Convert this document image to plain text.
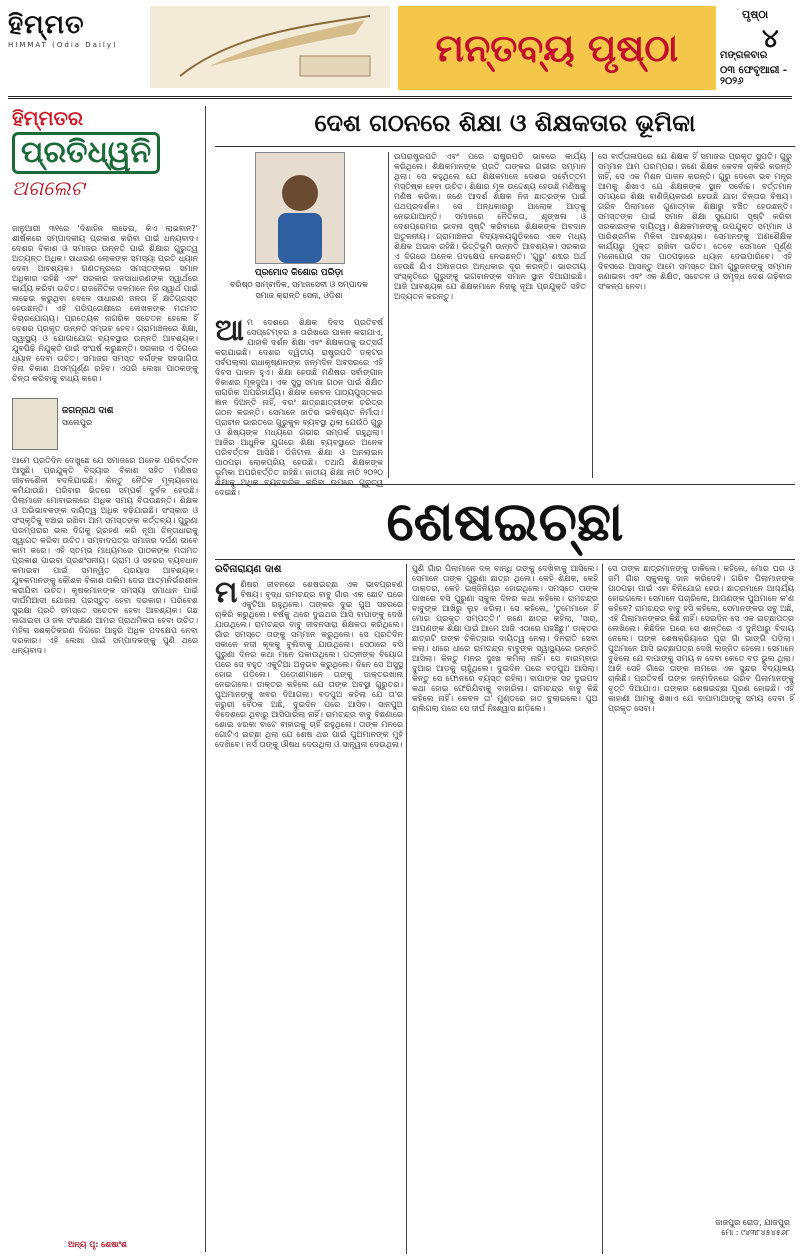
ହିମ୍ମତ
HIMMAT (Odia Daily)	ମନ୍ତବ୍ୟ ପୃଷ୍ଠା	ମଙ୍ଗଳବାର
୦୩ ଫେବୃଆରୀ - ୨୦୨୬
ପୃଷ୍ଠା
୪
ହିମ୍ମତର
ପ୍ରତିଧ୍ୱନି
ଅଗଲେଟ
ଜାନୁଆରୀ ୩୧ରେ 'ଦିଶାହିନ ଲଢେଇ, କିଏ ଲାଭବାନ?' ଶୀର୍ଷକରେ ସମ୍ପାଦକୀୟ ପ୍ରକାଶ କରିବା ପାଇଁ ଧନ୍ୟବାଦ। ଦେଶର ବିକାଶ ଓ ସମାଜର ଉନ୍ନତି ପାଇଁ ଶିକ୍ଷାର ଗୁରୁତ୍ୱ ଅତ୍ୟନ୍ତ ଅଧିକ। ସାଧାରଣ ଲୋକଙ୍କ ସମସ୍ୟା ପ୍ରତି ଧ୍ୟାନ ଦେବା ଆବଶ୍ୟକ। ଗଣତନ୍ତ୍ରରେ ସମସ୍ତଙ୍କର ସମାନ ଅଧିକାର ରହିଛି ଏବଂ ସରକାର ଜନସାଧାରଣଙ୍କ ସ୍ୱାର୍ଥରେ କାର୍ଯ୍ୟ କରିବା ଉଚିତ। ରାଜନୈତିକ ଦଳମାନେ ନିଜ ସ୍ୱାର୍ଥ ପାଇଁ ଲଢେଇ କରୁଥିବା ବେଳେ ସାଧାରଣ ଜନତା ହିଁ କ୍ଷତିଗ୍ରସ୍ତ ହେଉଛନ୍ତି। ଏହି ପରିପ୍ରେକ୍ଷୀରେ ଲେଖକଙ୍କ ମତାମତ ବିଚାରଯୋଗ୍ୟ। ପ୍ରତ୍ୟେକ ନାଗରିକ ସଚେତନ ହେଲେ ହିଁ ଦେଶର ପ୍ରକୃତ ଉନ୍ନତି ସମ୍ଭବ ହେବ। ଗ୍ରାମାଞ୍ଚଳରେ ଶିକ୍ଷା, ସ୍ୱାସ୍ଥ୍ୟ ଓ ଯୋଗାଯୋଗ ବ୍ୟବସ୍ଥାର ଉନ୍ନତି ଆବଶ୍ୟକ। ଯୁବପିଢ଼ି ନିଯୁକ୍ତି ପାଇଁ ସଂଘର୍ଷ କରୁଛନ୍ତି। ସରକାର ଏ ଦିଗରେ ଧ୍ୟାନ ଦେବା ଉଚିତ। ସମାଜର ସମସ୍ତ ବର୍ଗଙ୍କ ସହଭାଗିତା ବିନା ବିକାଶ ଅସମ୍ପୂର୍ଣ୍ଣ ରହିବ। ଏପରି ଲେଖା ପାଠକଙ୍କୁ ଚିନ୍ତା କରିବାକୁ ବାଧ୍ୟ କରେ।
ଜଗନ୍ନାଥ ଦାଶ
ସାଲେପୁର
ଆମେ ପ୍ରତିଦିନ ଦେଖୁଛେ ଯେ ସମାଜରେ ଅନେକ ପରିବର୍ତ୍ତନ ଆସୁଛି। ପ୍ରଯୁକ୍ତି ବିଦ୍ୟାର ବିକାଶ ସହିତ ମଣିଷର ଜୀବନଶୈଳୀ ବଦଳିଯାଇଛି। କିନ୍ତୁ ନୈତିକ ମୂଲ୍ୟବୋଧ କମିଯାଉଛି। ପରିବାର ଭିତରେ ସମ୍ପର୍କ ଦୁର୍ବଳ ହେଉଛି। ପିଲାମାନେ ମୋବାଇଲରେ ଅଧିକ ସମୟ ବିତାଉଛନ୍ତି। ଶିକ୍ଷକ ଓ ଅଭିଭାବକଙ୍କ ଦାୟିତ୍ୱ ଅଧିକ ବଢ଼ିଯାଇଛି। ସଂସ୍କାର ଓ ସଂସ୍କୃତିକୁ ବଞ୍ଚାଇ ରଖିବା ଆମ ସମସ୍ତଙ୍କ କର୍ତ୍ତବ୍ୟ। ପୁରୁଣା ପରମ୍ପରାର ଭଲ ଦିଗକୁ ଗ୍ରହଣ କରି ନୂଆ ଚିନ୍ତାଧାରାକୁ ସ୍ୱାଗତ କରିବା ଉଚିତ। ସମ୍ବାଦପତ୍ର ସମାଜର ଦର୍ପଣ ଭାବେ କାମ କରେ। ଏହି ସ୍ତମ୍ଭ ମାଧ୍ୟମରେ ପାଠକଙ୍କ ମତାମତ ପ୍ରକାଶ ପାଇବା ପ୍ରଶଂସନୀୟ। ଗ୍ରାମ ଓ ସହରର ବ୍ୟବଧାନ କମାଇବା ପାଇଁ ସମନ୍ୱିତ ପ୍ରୟାସ ଆବଶ୍ୟକ। ଯୁବକମାନଙ୍କୁ କୌଶଳ ବିକାଶ ତାଲିମ ଦେଇ ଆତ୍ମନିର୍ଭରଶୀଳ କରାଯିବା ଉଚିତ। କୃଷକମାନଙ୍କ ସମସ୍ୟା ସମାଧାନ ପାଇଁ ଦୀର୍ଘମିଆଦୀ ଯୋଜନା ପ୍ରସ୍ତୁତ ହେବା ଦରକାର। ପରିବେଶ ସୁରକ୍ଷା ପ୍ରତି ସମସ୍ତେ ସଚେତନ ହେବା ଆବଶ୍ୟକ। ଗଛ ଲଗାଇବା ଓ ଜଳ ସଂରକ୍ଷଣ ଆମର ପ୍ରାଥମିକତା ହେବା ଉଚିତ। ମହିଳା ସଶକ୍ତିକରଣ ଦିଗରେ ଆହୁରି ଅଧିକ ପଦକ୍ଷେପ ନେବା ଦରକାର। ଏହି ଲେଖା ପାଇଁ ସମ୍ପାଦକଙ୍କୁ ପୁଣି ଥରେ ଧନ୍ୟବାଦ।
ଅନ୍ୟ ପୃ: ଶେଷାଂଶ
ଦେଶ ଗଠନରେ ଶିକ୍ଷା ଓ ଶିକ୍ଷକତାର ଭୂମିକା
ପ୍ରମୋଦ କିଶୋର ପରିଡ଼ା
ବରିଷ୍ଠ ସାମ୍ବାଦିକ, ସମାଜସେବୀ ଓ ସମ୍ପାଦକ
ସମାଜ କ୍ରାନ୍ତି ସେନା, ଓଡ଼ିଶା
ଆ ମ ଦେଶରେ ଶିକ୍ଷକ ଦିବସ ପ୍ରତିବର୍ଷ ସେପ୍ଟେମ୍ବର ୫ ତାରିଖରେ ପାଳନ କରାଯାଏ, ଯାହାକି ଦର୍ଶନ ଶିକ୍ଷା ଏବଂ ଶିକ୍ଷକତାକୁ ଉତ୍ସର୍ଗ କରାଯାଇଛି। ଦେଶର ଦ୍ୱିତୀୟ ରାଷ୍ଟ୍ରପତି ଡକ୍ଟର ସର୍ବପଲ୍ଲୀ ରାଧାକୃଷ୍ଣନଙ୍କ ଜନ୍ମଦିନ ଅବସରରେ ଏହି ଦିବସ ପାଳନ ହୁଏ। ଶିକ୍ଷା ହେଉଛି ମଣିଷର ସର୍ବାଙ୍ଗୀନ ବିକାଶର ମୂଳଦୁଆ। ଏକ ସୁସ୍ଥ ସମାଜ ଗଠନ ପାଇଁ ଶିକ୍ଷିତ ନାଗରିକ ଅପରିହାର୍ଯ୍ୟ। ଶିକ୍ଷକ କେବଳ ପାଠ୍ୟପୁସ୍ତକର ଜ୍ଞାନ ଦିଅନ୍ତି ନାହିଁ, ବରଂ ଛାତ୍ରଛାତ୍ରୀଙ୍କ ଚରିତ୍ର ଗଠନ କରନ୍ତି। ସେମାନେ ଜାତିର ଭବିଷ୍ୟତ ନିର୍ମାତା। ପ୍ରାଚୀନ ଭାରତରେ ଗୁରୁକୁଳ ବ୍ୟବସ୍ଥା ଥିଲା ଯେଉଁଠି ଗୁରୁ ଓ ଶିଷ୍ୟଙ୍କ ମଧ୍ୟରେ ଗଭୀର ସମ୍ପର୍କ ରହୁଥିଲା। ଆଜିର ଆଧୁନିକ ଯୁଗରେ ଶିକ୍ଷା ବ୍ୟବସ୍ଥାରେ ଅନେକ ପରିବର୍ତ୍ତନ ଆସିଛି। ଡିଜିଟାଲ ଶିକ୍ଷା ଓ ଅନଲାଇନ ପାଠପଢ଼ା ଲୋକପ୍ରିୟ ହେଉଛି। ତଥାପି ଶିକ୍ଷକଙ୍କ ଭୂମିକା ଅପରିବର୍ତ୍ତିତ ରହିଛି। ଜାତୀୟ ଶିକ୍ଷା ନୀତି ୨୦୨୦ ଶିକ୍ଷାକୁ ଅଧିକ ବ୍ୟବହାରିକ କରିବା ଉପରେ ଗୁରୁତ୍ୱ ଦେଇଛି।
ଉପରାଷ୍ଟ୍ରପତି ଏବଂ ପରେ ରାଷ୍ଟ୍ରପତି ଭାବରେ କାର୍ଯ୍ୟ କରିଥିଲେ। ଶିକ୍ଷକମାନଙ୍କ ପ୍ରତି ତାଙ୍କର ଗଭୀର ସମ୍ମାନ ଥିଲା। ସେ କହୁଥିଲେ ଯେ ଶିକ୍ଷକମାନେ ଦେଶର ସର୍ବୋତ୍ତମ ମସ୍ତିଷ୍କ ହେବା ଉଚିତ। ଶିକ୍ଷାର ମୂଳ ଉଦ୍ଦେଶ୍ୟ ହେଉଛି ମଣିଷକୁ ମଣିଷ କରିବା। ଜଣେ ଆଦର୍ଶ ଶିକ୍ଷକ ନିଜ ଛାତ୍ରଙ୍କ ପାଇଁ ପଥପ୍ରଦର୍ଶକ। ସେ ଅନ୍ଧକାରରୁ ଆଲୋକ ଆଡ଼କୁ ନେଇଯାଆନ୍ତି। ସମାଜରେ ନୈତିକତା, ଶୃଙ୍ଖଳା ଓ ଦେଶପ୍ରେମର ଭାବନା ସୃଷ୍ଟି କରିବାରେ ଶିକ୍ଷକଙ୍କ ଅବଦାନ ଅତୁଳନୀୟ। ଗ୍ରାମାଞ୍ଚଳର ବିଦ୍ୟାଳୟଗୁଡ଼ିକରେ ଏବେ ମଧ୍ୟ ଶିକ୍ଷକ ଅଭାବ ରହିଛି। ଭିତ୍ତିଭୂମି ଉନ୍ନତି ଆବଶ୍ୟକ। ସରକାର ଏ ଦିଗରେ ଅନେକ ପଦକ୍ଷେପ ନେଇଛନ୍ତି। 'ଗୁରୁ' ଶବ୍ଦର ଅର୍ଥ ହେଉଛି ଯିଏ ଅଜ୍ଞାନତାର ଅନ୍ଧକାର ଦୂର କରନ୍ତି। ଭାରତୀୟ ସଂସ୍କୃତିରେ ଗୁରୁଙ୍କୁ ଭଗବାନଙ୍କ ସମାନ ସ୍ଥାନ ଦିଆଯାଇଛି। ଆଜି ଆବଶ୍ୟକ ଯେ ଶିକ୍ଷକମାନେ ନିଜକୁ ନୂଆ ପ୍ରଯୁକ୍ତି ସହିତ ଅଦ୍ୟତନ କରନ୍ତୁ।
ସେ ବାର୍ତ୍ତାଳାପରେ ଯେ ଶିକ୍ଷକ ହିଁ ସମାଜର ପ୍ରକୃତ ସ୍ଥପତି। ଗୁରୁ ସମ୍ମାନ ଆମ ପରମ୍ପରା। ଜଣେ ଶିକ୍ଷକ କେବଳ ଚାକିରି କରନ୍ତି ନାହିଁ, ସେ ଏକ ମିଶନ ପାଳନ କରନ୍ତି। ଗୁରୁ ଦେବୋ ଭବ ମନ୍ତ୍ର ଆମକୁ ଶିଖାଏ ଯେ ଶିକ୍ଷକଙ୍କ ସ୍ଥାନ ସର୍ବୋଚ୍ଚ। ବର୍ତ୍ତମାନ ସମୟରେ ଶିକ୍ଷା ବାଣିଜ୍ୟିକରଣ ହେଉଛି ଯାହା ଚିନ୍ତାର ବିଷୟ। ଗରିବ ପିଲାମାନେ ଗୁଣାତ୍ମକ ଶିକ୍ଷାରୁ ବଞ୍ଚିତ ହେଉଛନ୍ତି। ସମସ୍ତଙ୍କ ପାଇଁ ସମାନ ଶିକ୍ଷା ସୁଯୋଗ ସୃଷ୍ଟି କରିବା ସରକାରଙ୍କ ଦାୟିତ୍ୱ। ଶିକ୍ଷକମାନଙ୍କୁ ଉପଯୁକ୍ତ ସମ୍ମାନ ଓ ପାରିଶ୍ରମିକ ମିଳିବା ଆବଶ୍ୟକ। ସେମାନଙ୍କୁ ଅଣଶୈକ୍ଷିକ କାର୍ଯ୍ୟରୁ ମୁକ୍ତ ରଖିବା ଉଚିତ। ତେବେ ସେମାନେ ପୂର୍ଣ୍ଣ ମନୋଯୋଗ ସହ ପାଠପଢ଼ାରେ ଧ୍ୟାନ ଦେଇପାରିବେ। ଏହି ଦିବସରେ ଆସନ୍ତୁ ଆମେ ସମସ୍ତେ ଆମ ଗୁରୁଜନଙ୍କୁ ସମ୍ମାନ ଜଣାଇବା ଏବଂ ଏକ ଶିକ୍ଷିତ, ସଚେତନ ଓ ସମୃଦ୍ଧ ଦେଶ ଗଢ଼ିବାର ସଂକଳ୍ପ ନେବା।
ଶେଷଇଚ୍ଛା
ରବିନାରାୟଣ ଦାଶ
ମ ଣିଷର ଜୀବନରେ ଶେଷଇଚ୍ଛା ଏକ ଭାବପ୍ରବଣ ବିଷୟ। ବୃଦ୍ଧ ରାମଚନ୍ଦ୍ର ବାବୁ ଗାଁର ଏକ ଛୋଟ ଘରେ ଏକୁଟିଆ ରହୁଥିଲେ। ତାଙ୍କର ଦୁଇ ପୁଅ ସହରରେ ଚାକିରି କରୁଥିଲେ। ବର୍ଷକୁ ଥରେ ଦୁଇଥର ଆସି ବାପାଙ୍କୁ ଦେଖି ଯାଉଥିଲେ। ରାମଚନ୍ଦ୍ର ବାବୁ ଜୀବନସାରା ଶିକ୍ଷକତା କରିଥିଲେ। ଗାଁର ସମସ୍ତେ ତାଙ୍କୁ ସମ୍ମାନ କରୁଥିଲେ। ସେ ପ୍ରତିଦିନ ସକାଳେ ନଦୀ କୂଳକୁ ବୁଲିବାକୁ ଯାଉଥିଲେ। ସେଠାରେ ବସି ପୁରୁଣା ଦିନର କଥା ମନେ ପକାଉଥିଲେ। ପତ୍ନୀଙ୍କ ବିୟୋଗ ପରେ ସେ ବହୁତ ଏକୁଟିଆ ଅନୁଭବ କରୁଥିଲେ। ଦିନେ ସେ ଅସୁସ୍ଥ ହୋଇ ପଡ଼ିଲେ। ପଡ଼ୋଶୀମାନେ ତାଙ୍କୁ ଡାକ୍ତରଖାନା ନେଇଗଲେ। ଡାକ୍ତର କହିଲେ ଯେ ତାଙ୍କ ଅବସ୍ଥା ଗୁରୁତର। ପୁଅମାନଙ୍କୁ ଖବର ଦିଆଗଲା। ବଡ଼ପୁଅ କହିଲା ଯେ ତା'ର ଜରୁରୀ ବୈଠକ ଅଛି, ଦୁଇଦିନ ପରେ ଆସିବ। ସାନପୁଅ ବିଦେଶରେ ଥିବାରୁ ଆସିପାରିଲା ନାହିଁ। ରାମଚନ୍ଦ୍ର ବାବୁ ବିଛଣାରେ ଶୋଇ ଝରକା ବାଟେ ବାହାରକୁ ଚାହିଁ ରହୁଥିଲେ। ତାଙ୍କ ମନରେ ଗୋଟିଏ ଇଚ୍ଛା ଥିଲା ଯେ ଶେଷ ଥର ପାଇଁ ପୁଅମାନଙ୍କ ମୁହଁ ଦେଖିବେ। ନର୍ସ ତାଙ୍କୁ ଔଷଧ ଦେଉଥିଲା ଓ ସାନ୍ତ୍ୱନା ଦେଉଥିଲା।
ପୁଣି ଗାଁର ପିଲାମାନେ ଦଳ ବାନ୍ଧି ତାଙ୍କୁ ଦେଖିବାକୁ ଆସିଲେ। ସେମାନେ ତାଙ୍କ ପୁରୁଣା ଛାତ୍ର ଥିଲେ। କେହି ଶିକ୍ଷକ, କେହି ଡାକ୍ତର, କେହି ଇଞ୍ଜିନିୟର ହୋଇଥିଲେ। ସମସ୍ତେ ତାଙ୍କ ପାଖରେ ବସି ପୁରୁଣା ସ୍କୁଲ ଦିନର କଥା କହିଲେ। ରାମଚନ୍ଦ୍ର ବାବୁଙ୍କ ଆଖିରୁ ଲୁହ ଝରିଲା। ସେ କହିଲେ, 'ତୁମେମାନେ ହିଁ ମୋର ପ୍ରକୃତ ସମ୍ପତ୍ତି।' ଜଣେ ଛାତ୍ର କହିଲା, 'ସାର୍, ଆପଣଙ୍କ ଶିକ୍ଷା ପାଇଁ ଆମେ ଆଜି ଏଠାରେ ପହଞ୍ଚିଛୁ।' ଡାକ୍ତର ଛାତ୍ରଟି ତାଙ୍କ ଚିକିତ୍ସାର ଦାୟିତ୍ୱ ନେଲା। ଦିନରାତି ସେବା କଲା। ଧୀରେ ଧୀରେ ରାମଚନ୍ଦ୍ର ବାବୁଙ୍କ ସ୍ୱାସ୍ଥ୍ୟରେ ଉନ୍ନତି ଆସିଲା। କିନ୍ତୁ ମନର ଦୁଃଖ କମିଲା ନାହିଁ। ସେ ବାରମ୍ବାର ଦୁଆର ଆଡ଼କୁ ଚାହୁଁଥିଲେ। ଦୁଇଦିନ ପରେ ବଡ଼ପୁଅ ଆସିଲା। କିନ୍ତୁ ସେ ଫୋନରେ ବ୍ୟସ୍ତ ରହିଲା। ବାପାଙ୍କ ସହ ଦୁଇପଦ କଥା ହୋଇ ଫେରିଯିବାକୁ ବାହାରିଲା। ରାମଚନ୍ଦ୍ର ବାବୁ କିଛି କହିଲେ ନାହିଁ। କେବଳ ତା' ମୁଣ୍ଡରେ ହାତ ବୁଲାଇଲେ। ପୁଅ ଚାଲିଗଲା ପରେ ସେ ଦୀର୍ଘ ନିଃଶ୍ୱାସ ଛାଡ଼ିଲେ।
ସେ ତାଙ୍କ ଛାତ୍ରମାନଙ୍କୁ ଡାକିଲେ। କହିଲେ, ମୋର ଘର ଓ ଜମି ଗାଁର ସ୍କୁଲକୁ ଦାନ କରିଦେବି। ଗରିବ ପିଲାମାନଙ୍କ ପାଠପଢ଼ା ପାଇଁ ଏହା ବିନିଯୋଗ ହେଉ। ଛାତ୍ରମାନେ ଆଶ୍ଚର୍ଯ୍ୟ ହୋଇଗଲେ। ସେମାନେ ପଚାରିଲେ, ଆପଣଙ୍କ ପୁଅମାନେ କ'ଣ କହିବେ? ରାମଚନ୍ଦ୍ର ବାବୁ ହସି କହିଲେ, ସେମାନଙ୍କର ସବୁ ଅଛି, ଏହି ପିଲାମାନଙ୍କର କିଛି ନାହିଁ। ସେଇଦିନ ସେ ଏକ ଇଚ୍ଛାପତ୍ର ଲେଖିଲେ। କିଛିଦିନ ପରେ ସେ ଶାନ୍ତିରେ ଏ ଦୁନିଆରୁ ବିଦାୟ ନେଲେ। ତାଙ୍କ ଶେଷକ୍ରିୟାରେ ପୂରା ଗାଁ ଭାଙ୍ଗି ପଡ଼ିଲା। ପୁଅମାନେ ଆସି ଇଚ୍ଛାପତ୍ର ଦେଖି ଲଜ୍ଜିତ ହେଲେ। ସେମାନେ ବୁଝିଲେ ଯେ ବାପାଙ୍କୁ ସମୟ ନ ଦେବା କେତେ ବଡ଼ ଭୁଲ ଥିଲା। ଆଜି ସେହି ଗାଁରେ ତାଙ୍କ ନାମରେ ଏକ ସୁନ୍ଦର ବିଦ୍ୟାଳୟ ଚାଲିଛି। ପ୍ରତିବର୍ଷ ତାଙ୍କ ଜନ୍ମଦିନରେ ଗରିବ ପିଲାମାନଙ୍କୁ ବୃତ୍ତି ଦିଆଯାଏ। ତାଙ୍କର ଶେଷଇଚ୍ଛା ପୂରଣ ହୋଇଛି। ଏହି କାହାଣୀ ଆମକୁ ଶିଖାଏ ଯେ ବାପାମାଆଙ୍କୁ ସମୟ ଦେବା ହିଁ ପ୍ରକୃତ ସେବା।
ଜାଜପୁର ରୋଡ଼, ଯାଜପୁର
ମୋ : ୯୪୩୮୪୫୪୫୬୮
